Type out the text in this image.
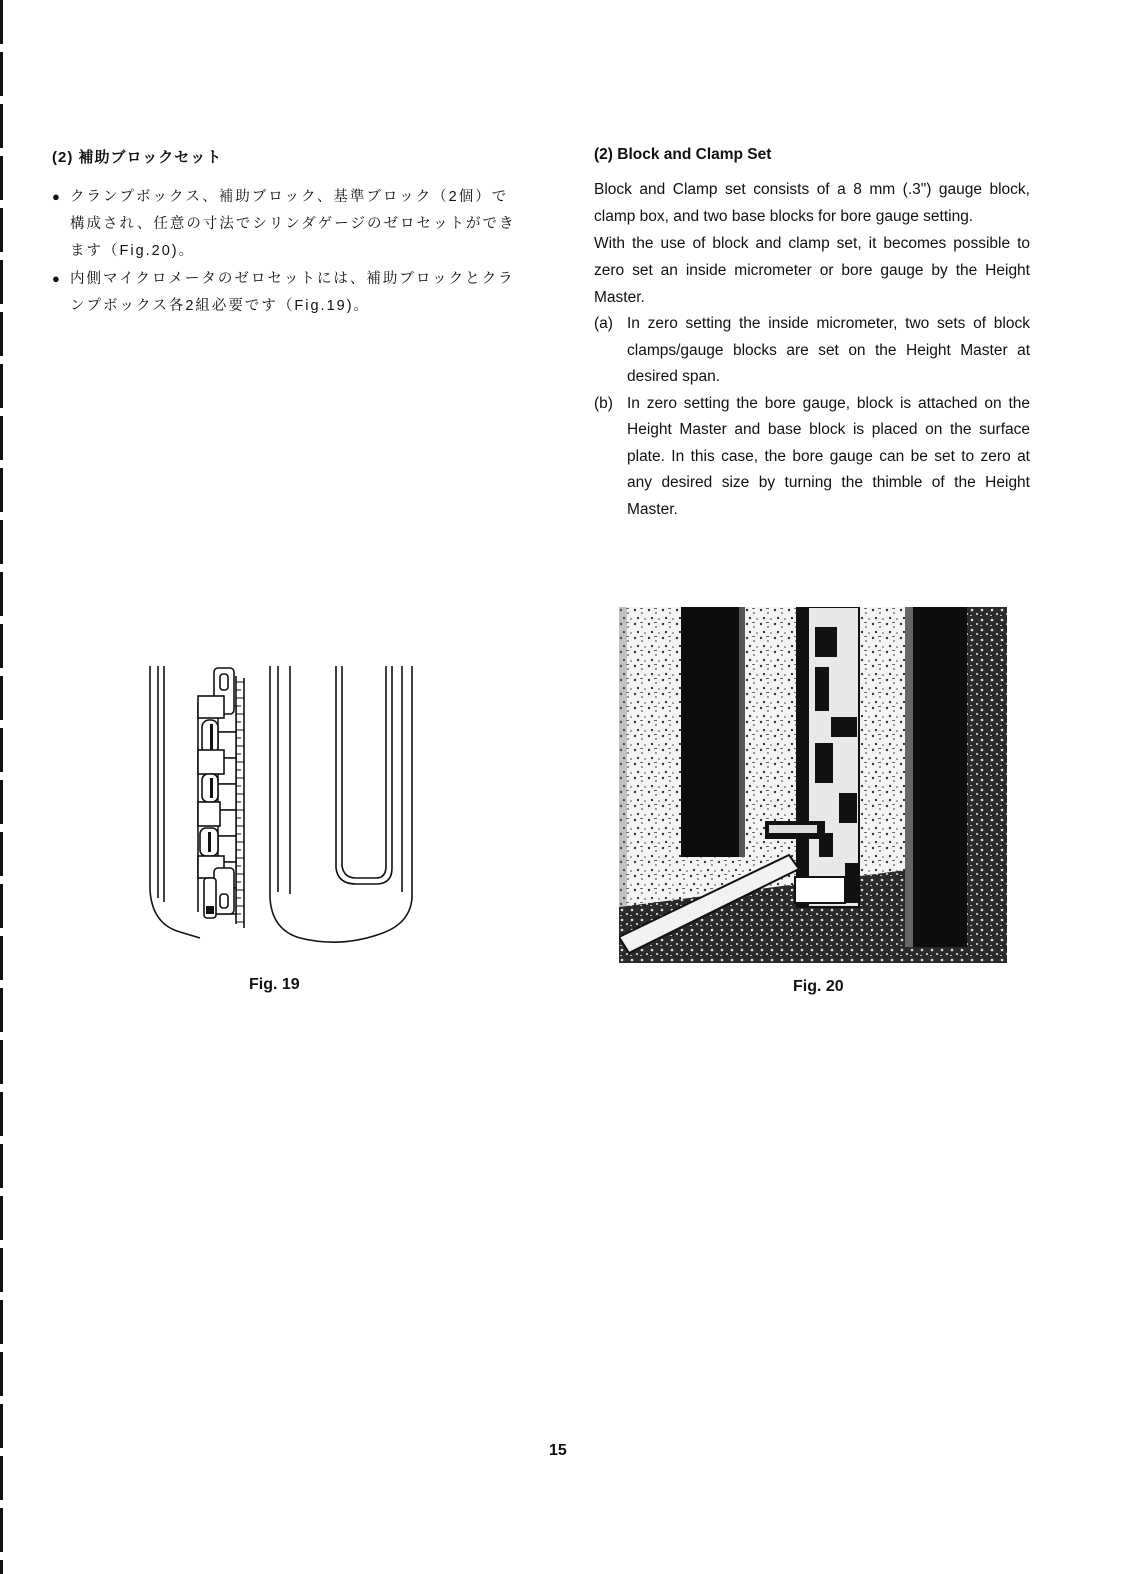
(2) 補助ブロックセット

● クランプボックス、補助ブロック、基準ブロック（2個）で構成され、任意の寸法でシリンダゲージのゼロセットができます（Fig.20)。

● 内側マイクロメータのゼロセットには、補助ブロックとクランプボックス各2組必要です（Fig.19)。

(2) Block and Clamp Set

Block and Clamp set consists of a 8 mm (.3") gauge block, clamp box, and two base blocks for bore gauge setting.

With the use of block and clamp set, it becomes possible to zero set an inside micrometer or bore gauge by the Height Master.

(a) In zero setting the inside micrometer, two sets of block clamps/gauge blocks are set on the Height Master at desired span.
(b) In zero setting the bore gauge, block is attached on the Height Master and base block is placed on the surface plate. In this case, the bore gauge can be set to zero at any desired size by turning the thimble of the Height Master.
Fig. 19	Fig. 20
15
